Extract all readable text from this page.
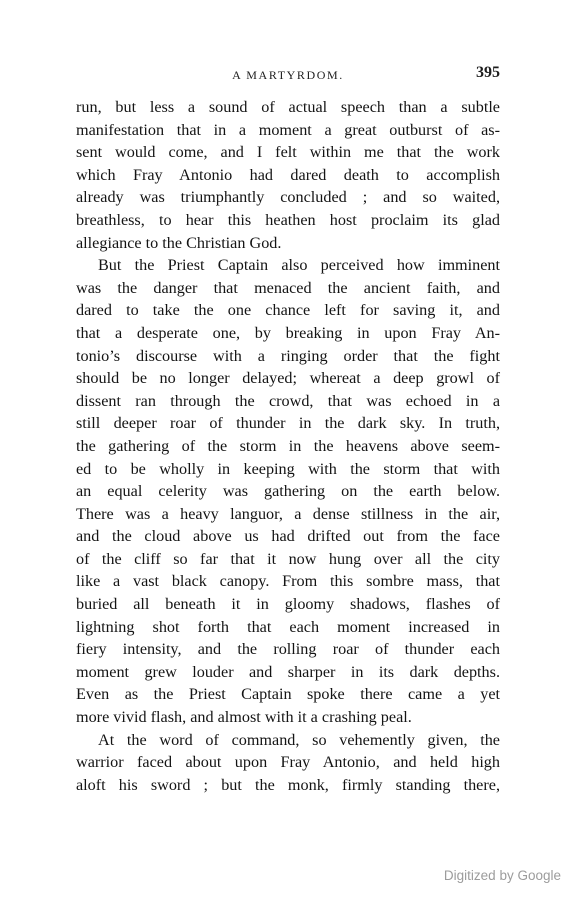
A MARTYRDOM.	395

run, but less a sound of actual speech than a subtle
manifestation that in a moment a great outburst of as-
sent would come, and I felt within me that the work
which Fray Antonio had dared death to accomplish
already was triumphantly concluded ; and so waited,
breathless, to hear this heathen host proclaim its glad
allegiance to the Christian God.

But the Priest Captain also perceived how imminent
was the danger that menaced the ancient faith, and
dared to take the one chance left for saving it, and
that a desperate one, by breaking in upon Fray An-
tonio’s discourse with a ringing order that the fight
should be no longer delayed; whereat a deep growl of
dissent ran through the crowd, that was echoed in a
still deeper roar of thunder in the dark sky. In truth,
the gathering of the storm in the heavens above seem-
ed to be wholly in keeping with the storm that with
an equal celerity was gathering on the earth below.
There was a heavy languor, a dense stillness in the air,
and the cloud above us had drifted out from the face
of the cliff so far that it now hung over all the city
like a vast black canopy. From this sombre mass, that
buried all beneath it in gloomy shadows, flashes of
lightning shot forth that each moment increased in
fiery intensity, and the rolling roar of thunder each
moment grew louder and sharper in its dark depths.
Even as the Priest Captain spoke there came a yet
more vivid flash, and almost with it a crashing peal.

At the word of command, so vehemently given, the
warrior faced about upon Fray Antonio, and held high
aloft his sword ; but the monk, firmly standing there,

Digitized by Google
